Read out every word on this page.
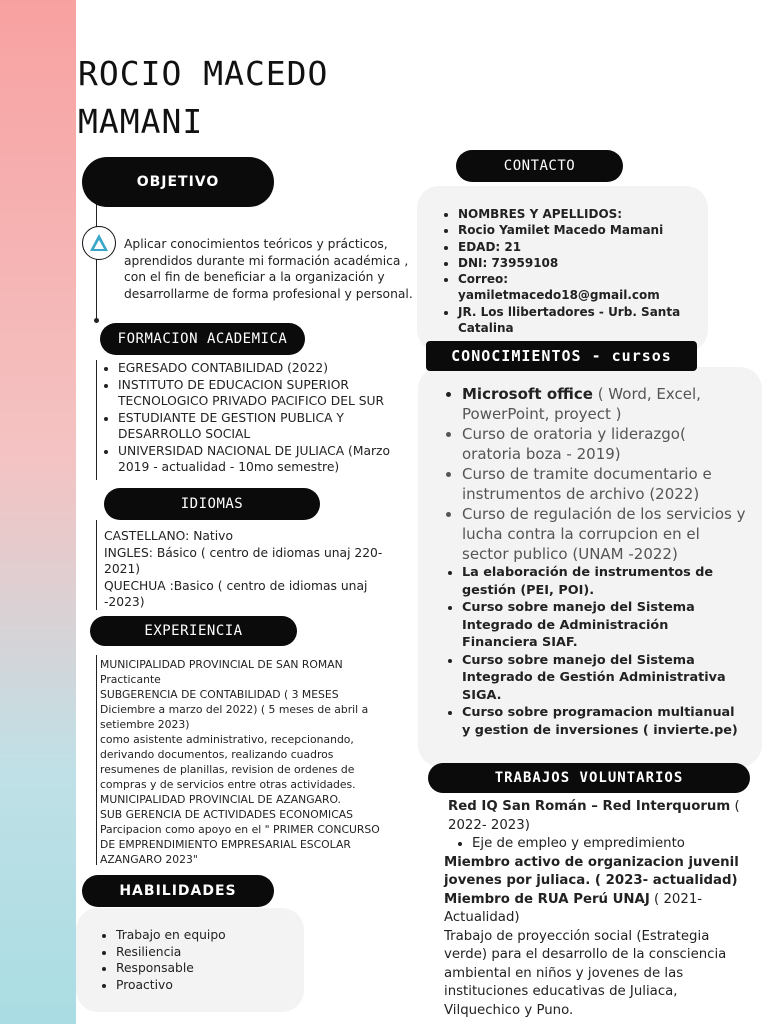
ROCIO MACEDO
MAMANI
OBJETIVO
Aplicar conocimientos teóricos y prácticos, aprendidos durante mi formación académica , con el fin de beneficiar a la organización y desarrollarme de forma profesional y personal.
FORMACION ACADEMICA
• EGRESADO CONTABILIDAD (2022)
• INSTITUTO DE EDUCACION SUPERIOR TECNOLOGICO PRIVADO PACIFICO DEL SUR
• ESTUDIANTE DE GESTION PUBLICA Y DESARROLLO SOCIAL
• UNIVERSIDAD NACIONAL DE JULIACA (Marzo 2019 - actualidad - 10mo semestre)
IDIOMAS
CASTELLANO: Nativo
INGLES: Básico ( centro de idiomas unaj 220-2021)
QUECHUA :Basico ( centro de idiomas unaj -2023)
EXPERIENCIA
MUNICIPALIDAD PROVINCIAL DE SAN ROMAN
Practicante
SUBGERENCIA DE CONTABILIDAD ( 3 MESES Diciembre a marzo del 2022) ( 5 meses de abril a setiembre 2023)
como asistente administrativo, recepcionando, derivando documentos, realizando cuadros resumenes de planillas, revision de ordenes de compras y de servicios entre otras actividades.
MUNICIPALIDAD PROVINCIAL DE AZANGARO.
SUB GERENCIA DE ACTIVIDADES ECONOMICAS
Parcipacion como apoyo en el " PRIMER CONCURSO DE EMPRENDIMIENTO EMPRESARIAL ESCOLAR AZANGARO 2023"
HABILIDADES
• Trabajo en equipo
• Resiliencia
• Responsable
• Proactivo
CONTACTO
• NOMBRES Y APELLIDOS:
• Rocio Yamilet Macedo Mamani
• EDAD: 21
• DNI: 73959108
• Correo: yamiletmacedo18@gmail.com
• JR. Los llibertadores - Urb. Santa Catalina
CONOCIMIENTOS - cursos
• Microsoft office ( Word, Excel, PowerPoint, proyect )
• Curso de oratoria y liderazgo( oratoria boza - 2019)
• Curso de tramite documentario e instrumentos de archivo (2022)
• Curso de regulación de los servicios y lucha contra la corrupcion en el sector publico (UNAM -2022)
• La elaboración de instrumentos de gestión (PEI, POI).
• Curso sobre manejo del Sistema Integrado de Administración Financiera SIAF.
• Curso sobre manejo del Sistema Integrado de Gestión Administrativa SIGA.
• Curso sobre programacion multianual y gestion de inversiones ( invierte.pe)
TRABAJOS VOLUNTARIOS
Red IQ San Román – Red Interquorum ( 2022- 2023)
• Eje de empleo y empredimiento
Miembro activo de organizacion juvenil jovenes por juliaca. ( 2023- actualidad)
Miembro de RUA Perú UNAJ ( 2021- Actualidad)
Trabajo de proyección social (Estrategia verde) para el desarrollo de la consciencia ambiental en niños y jovenes de las instituciones educativas de Juliaca, Vilquechico y Puno.
